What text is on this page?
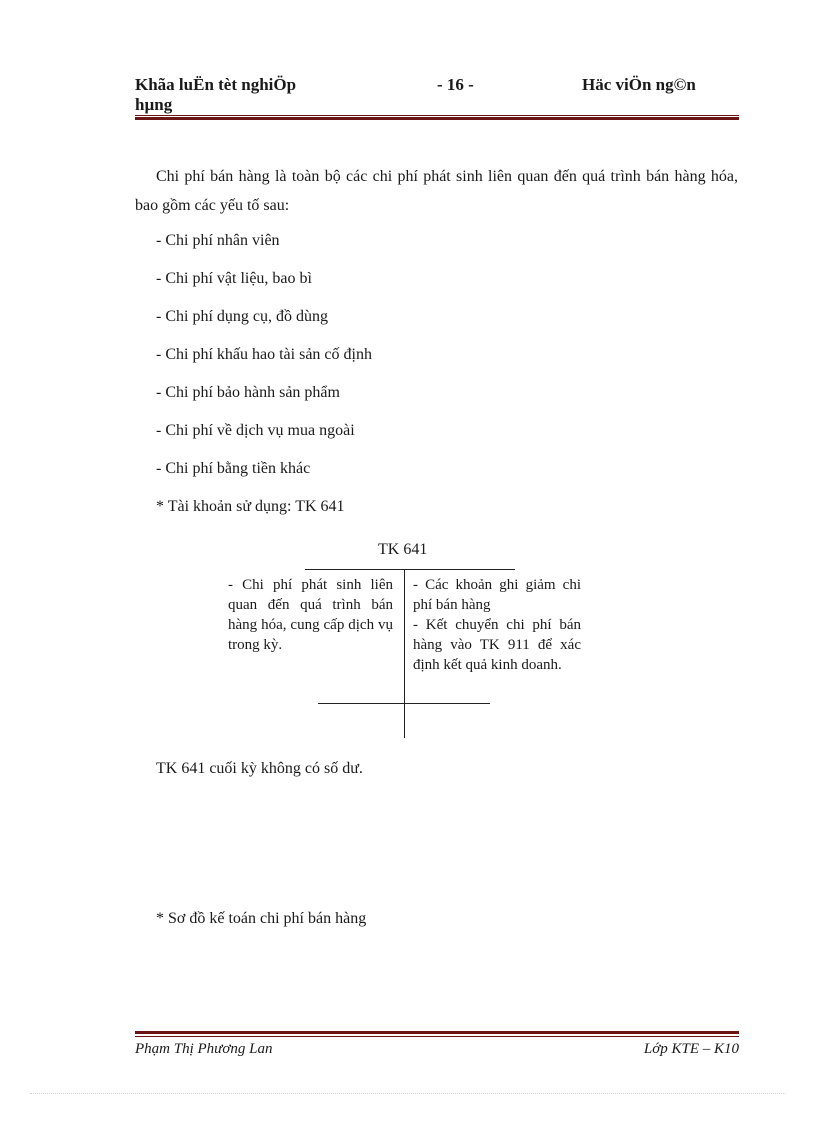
Khãa luËn tèt nghiÖp hµng
- 16 -	Häc viÖn ng©n
Chi phí bán hàng là toàn bộ các chi phí phát sinh liên quan đến quá trình bán hàng hóa, bao gồm các yếu tố sau:
- Chi phí nhân viên
- Chi phí vật liệu, bao bì
- Chi phí dụng cụ, đồ dùng
- Chi phí khấu hao tài sản cố định
- Chi phí bảo hành sản phẩm
- Chi phí về dịch vụ mua ngoài
- Chi phí bằng tiền khác
* Tài khoản sử dụng: TK 641
TK 641
- Chi phí phát sinh liên quan đến quá trình bán hàng hóa, cung cấp dịch vụ trong kỳ.
- Các khoản ghi giảm chi phí bán hàng
- Kết chuyển chi phí bán hàng vào TK 911 để xác định kết quả kinh doanh.
TK 641 cuối kỳ không có số dư.
* Sơ đồ kế toán chi phí bán hàng
Phạm Thị Phương Lan	Lớp KTE – K10
